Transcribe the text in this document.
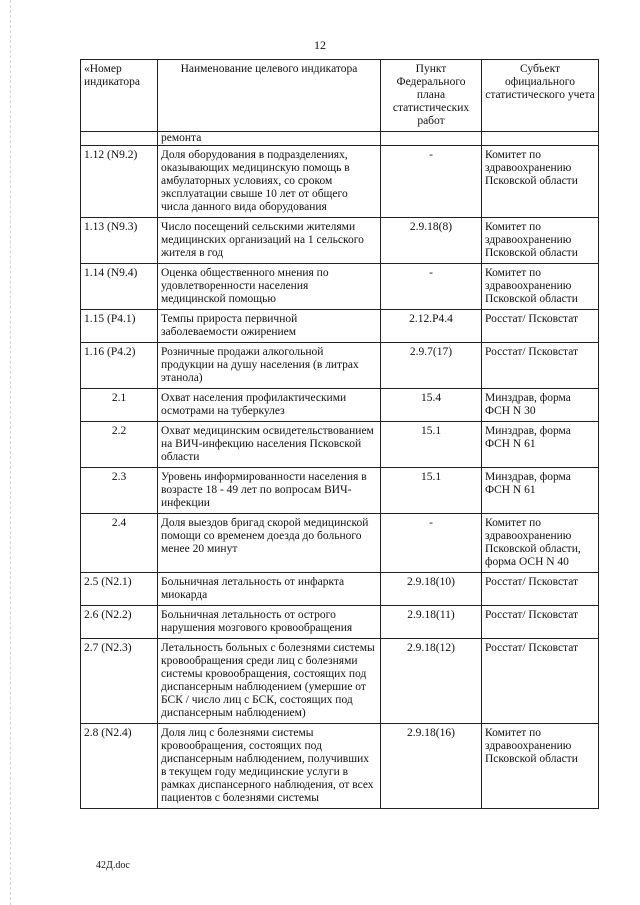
12
«Номер индикатора	Наименование целевого индикатора	Пункт Федерального плана статистических работ	Субъект официального статистического учета
	ремонта		
1.12 (N9.2)	Доля оборудования в подразделениях, оказывающих медицинскую помощь в амбулаторных условиях, со сроком эксплуатации свыше 10 лет от общего числа данного вида оборудования	-	Комитет по здравоохранению Псковской области
1.13 (N9.3)	Число посещений сельскими жителями медицинских организаций на 1 сельского жителя в год	2.9.18(8)	Комитет по здравоохранению Псковской области
1.14 (N9.4)	Оценка общественного мнения по удовлетворенности населения медицинской помощью	-	Комитет по здравоохранению Псковской области
1.15 (P4.1)	Темпы прироста первичной заболеваемости ожирением	2.12.P4.4	Росстат/ Псковстат
1.16 (P4.2)	Розничные продажи алкогольной продукции на душу населения (в литрах этанола)	2.9.7(17)	Росстат/ Псковстат
2.1	Охват населения профилактическими осмотрами на туберкулез	15.4	Минздрав, форма ФСН N 30
2.2	Охват медицинским освидетельствованием на ВИЧ-инфекцию населения Псковской области	15.1	Минздрав, форма ФСН N 61
2.3	Уровень информированности населения в возрасте 18 - 49 лет по вопросам ВИЧ-инфекции	15.1	Минздрав, форма ФСН N 61
2.4	Доля выездов бригад скорой медицинской помощи со временем доезда до больного менее 20 минут	-	Комитет по здравоохранению Псковской области, форма ОСН N 40
2.5 (N2.1)	Больничная летальность от инфаркта миокарда	2.9.18(10)	Росстат/ Псковстат
2.6 (N2.2)	Больничная летальность от острого нарушения мозгового кровообращения	2.9.18(11)	Росстат/ Псковстат
2.7 (N2.3)	Летальность больных с болезнями системы кровообращения среди лиц с болезнями системы кровообращения, состоящих под диспансерным наблюдением (умершие от БСК / число лиц с БСК, состоящих под диспансерным наблюдением)	2.9.18(12)	Росстат/ Псковстат
2.8 (N2.4)	Доля лиц с болезнями системы кровообращения, состоящих под диспансерным наблюдением, получивших в текущем году медицинские услуги в рамках диспансерного наблюдения, от всех пациентов с болезнями системы	2.9.18(16)	Комитет по здравоохранению Псковской области
42Д.doc
